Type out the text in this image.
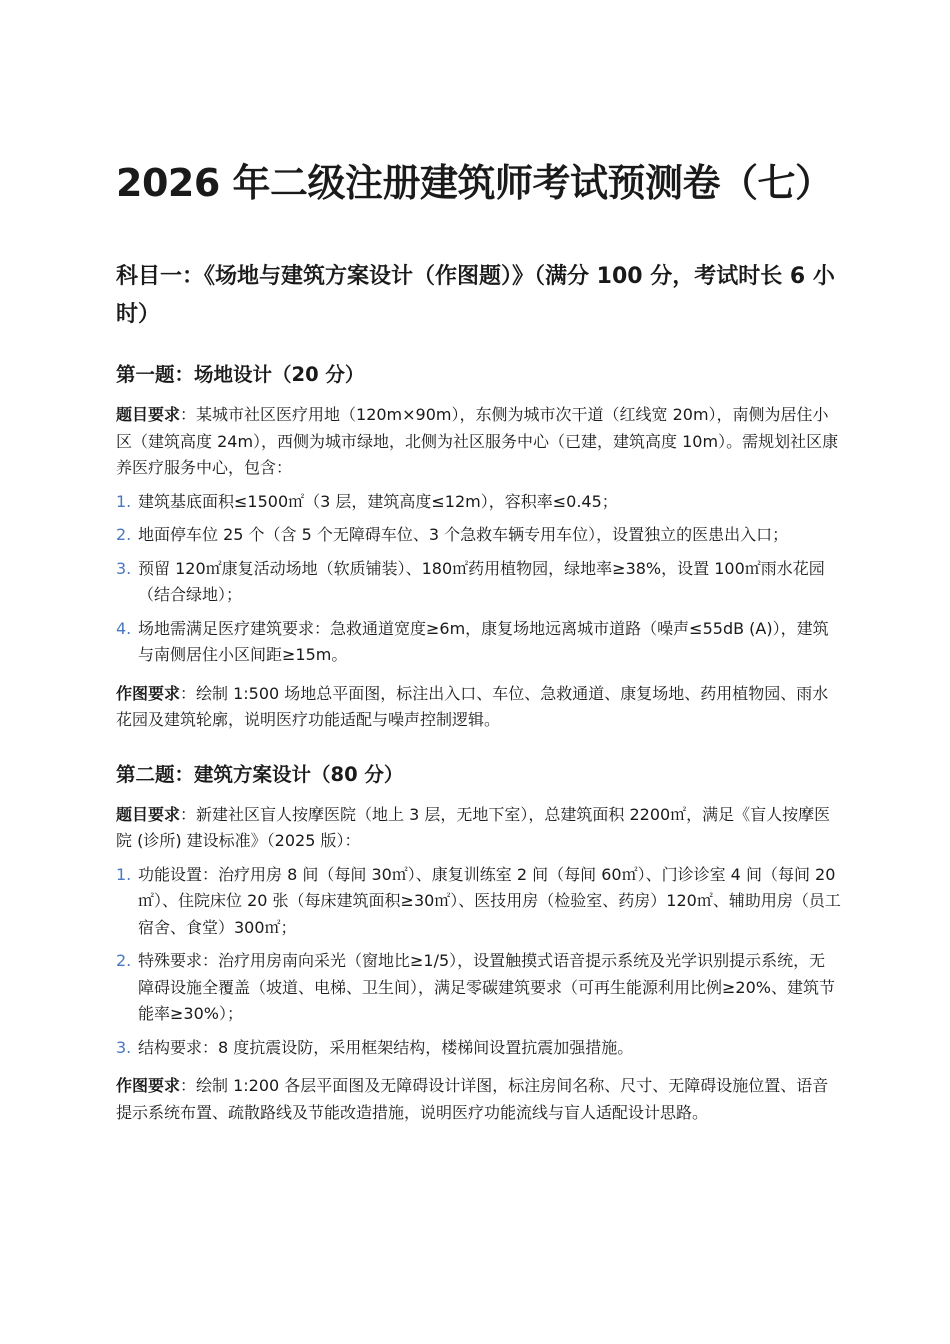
2026 年二级注册建筑师考试预测卷（七）
科目一：《场地与建筑方案设计（作图题）》（满分 100 分，考试时长 6 小时）
第一题：场地设计（20 分）

题目要求：某城市社区医疗用地（120m×90m），东侧为城市次干道（红线宽 20m），南侧为居住小区（建筑高度 24m），西侧为城市绿地，北侧为社区服务中心（已建，建筑高度 10m）。需规划社区康养医疗服务中心，包含：

1. 建筑基底面积≤1500㎡（3 层，建筑高度≤12m），容积率≤0.45；
2. 地面停车位 25 个（含 5 个无障碍车位、3 个急救车辆专用车位），设置独立的医患出入口；
3. 预留 120㎡康复活动场地（软质铺装）、180㎡药用植物园，绿地率≥38%，设置 100㎡雨水花园（结合绿地）；
4. 场地需满足医疗建筑要求：急救通道宽度≥6m，康复场地远离城市道路（噪声≤55dB (A)），建筑与南侧居住小区间距≥15m。

作图要求：绘制 1:500 场地总平面图，标注出入口、车位、急救通道、康复场地、药用植物园、雨水花园及建筑轮廓，说明医疗功能适配与噪声控制逻辑。

第二题：建筑方案设计（80 分）

题目要求：新建社区盲人按摩医院（地上 3 层，无地下室），总建筑面积 2200㎡，满足《盲人按摩医院 (诊所) 建设标准》（2025 版）：

1. 功能设置：治疗用房 8 间（每间 30㎡）、康复训练室 2 间（每间 60㎡）、门诊诊室 4 间（每间 20㎡）、住院床位 20 张（每床建筑面积≥30㎡）、医技用房（检验室、药房）120㎡、辅助用房（员工宿舍、食堂）300㎡；
2. 特殊要求：治疗用房南向采光（窗地比≥1/5），设置触摸式语音提示系统及光学识别提示系统，无障碍设施全覆盖（坡道、电梯、卫生间），满足零碳建筑要求（可再生能源利用比例≥20%、建筑节能率≥30%）；
3. 结构要求：8 度抗震设防，采用框架结构，楼梯间设置抗震加强措施。

作图要求：绘制 1:200 各层平面图及无障碍设计详图，标注房间名称、尺寸、无障碍设施位置、语音提示系统布置、疏散路线及节能改造措施，说明医疗功能流线与盲人适配设计思路。
